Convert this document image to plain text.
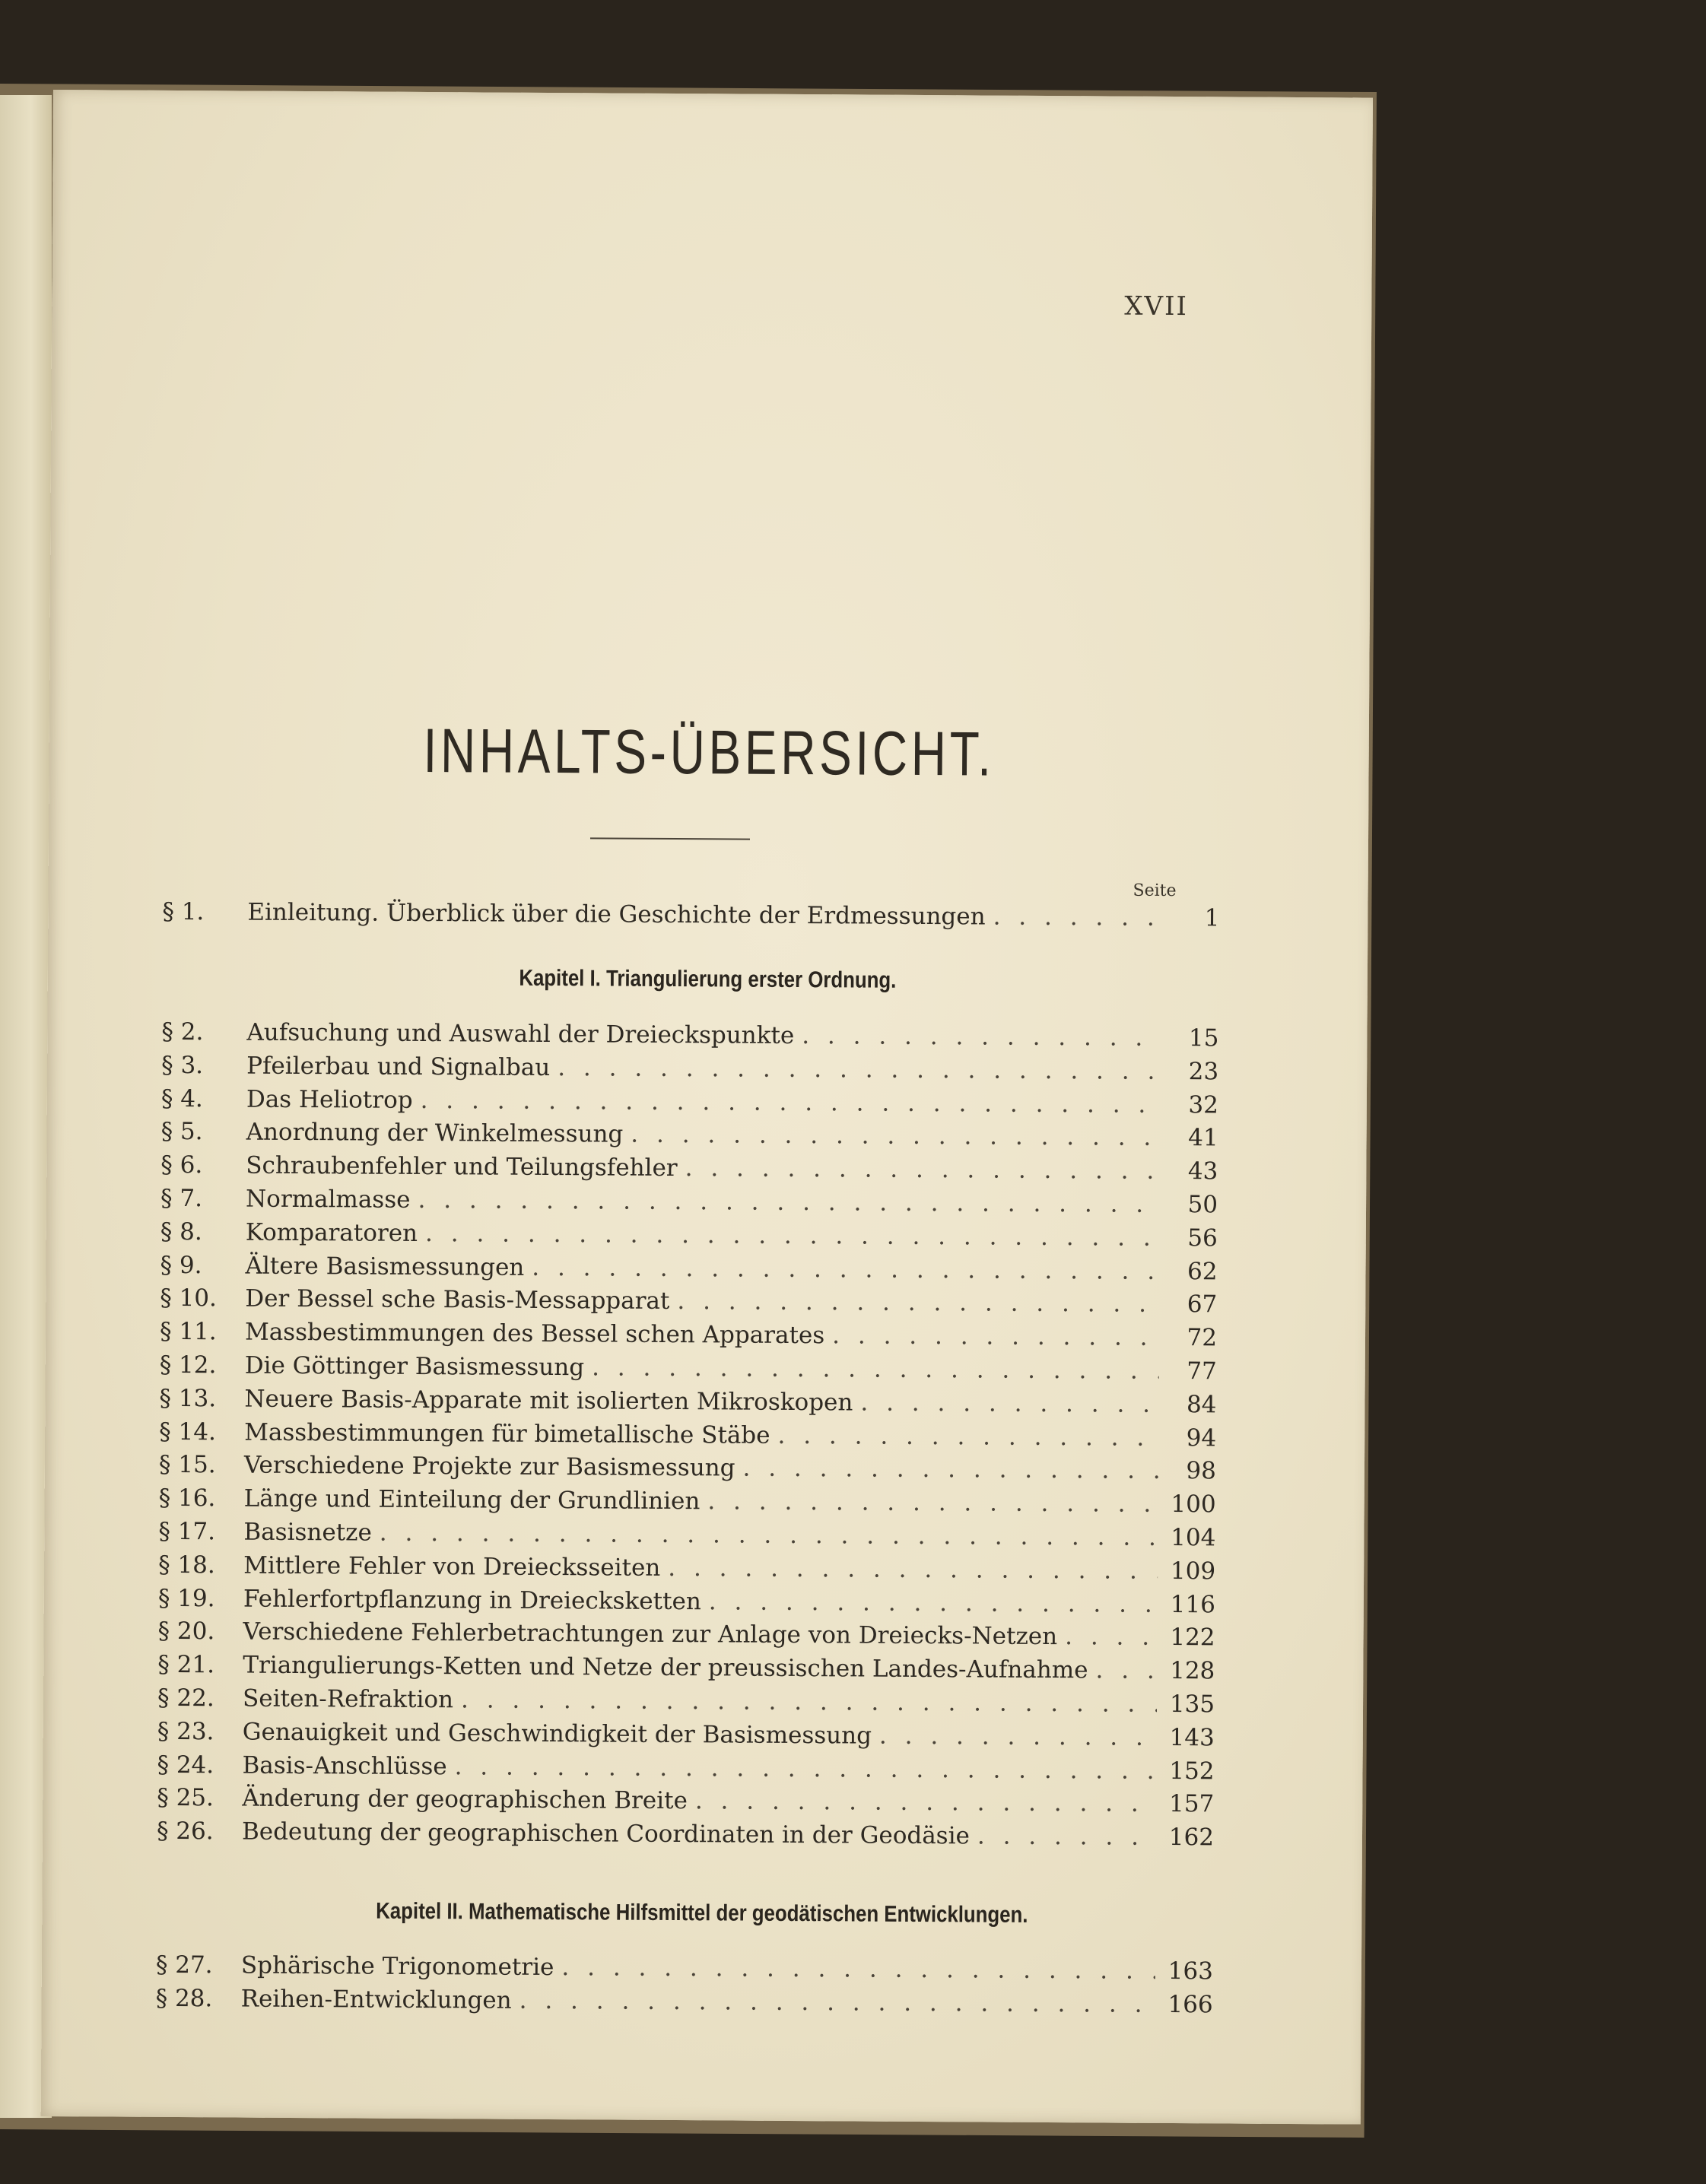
XVII
INHALTS-ÜBERSICHT.
Seite
§ 1.	Einleitung. Überblick über die Geschichte der Erdmessungen . . .	1
Kapitel I. Triangulierung erster Ordnung.
§ 2.	Aufsuchung und Auswahl der Dreieckspunkte . . .	15
§ 3.	Pfeilerbau und Signalbau . . .	23
§ 4.	Das Heliotrop . . .	32
§ 5.	Anordnung der Winkelmessung . . .	41
§ 6.	Schraubenfehler und Teilungsfehler . . .	43
§ 7.	Normalmasse . . .	50
§ 8.	Komparatoren . . .	56
§ 9.	Ältere Basismessungen . . .	62
§ 10.	Der Bessel sche Basis-Messapparat . . .	67
§ 11.	Massbestimmungen des Bessel schen Apparates . . .	72
§ 12.	Die Göttinger Basismessung . . .	77
§ 13.	Neuere Basis-Apparate mit isolierten Mikroskopen . . .	84
§ 14.	Massbestimmungen für bimetallische Stäbe . . .	94
§ 15.	Verschiedene Projekte zur Basismessung . . .	98
§ 16.	Länge und Einteilung der Grundlinien . . .	100
§ 17.	Basisnetze . . .	104
§ 18.	Mittlere Fehler von Dreiecksseiten . . .	109
§ 19.	Fehlerfortpflanzung in Dreiecksketten . . .	116
§ 20.	Verschiedene Fehlerbetrachtungen zur Anlage von Dreiecks-Netzen . . .	122
§ 21.	Triangulierungs-Ketten und Netze der preussischen Landes-Aufnahme . . .	128
§ 22.	Seiten-Refraktion . . .	135
§ 23.	Genauigkeit und Geschwindigkeit der Basismessung . . .	143
§ 24.	Basis-Anschlüsse . . .	152
§ 25.	Änderung der geographischen Breite . . .	157
§ 26.	Bedeutung der geographischen Coordinaten in der Geodäsie . . .	162
Kapitel II. Mathematische Hilfsmittel der geodätischen Entwicklungen.
§ 27.	Sphärische Trigonometrie . . .	163
§ 28.	Reihen-Entwicklungen . . .	166
